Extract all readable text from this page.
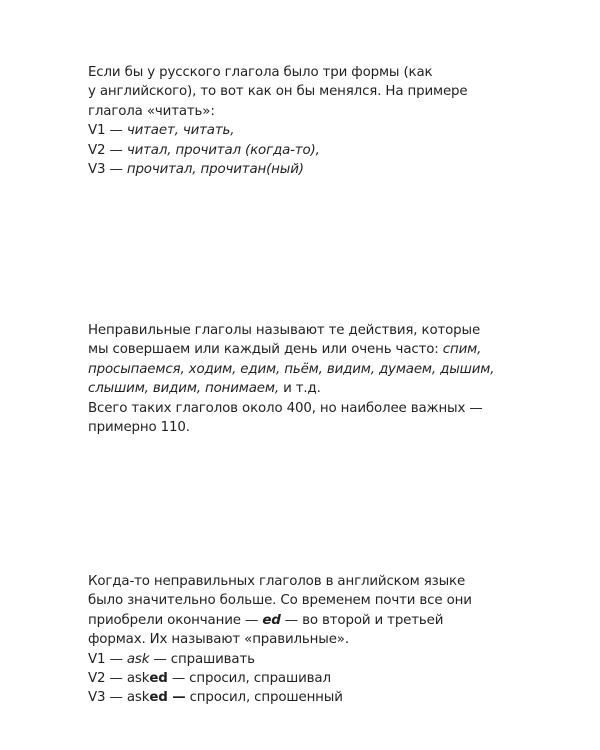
Если бы у русского глагола было три формы (как
у английского), то вот как он бы менялся. На примере
глагола «читать»:
V1 — читает, читать,
V2 — читал, прочитал (когда-то),
V3 — прочитал, прочитан(ный)
Неправильные глаголы называют те действия, которые
мы совершаем или каждый день или очень часто: спим,
просыпаемся, ходим, едим, пьём, видим, думаем, дышим,
слышим, видим, понимаем, и т.д.
Всего таких глаголов около 400, но наиболее важных —
примерно 110.
Когда-то неправильных глаголов в английском языке
было значительно больше. Со временем почти все они
приобрели окончание — ed — во второй и третьей
формах. Их называют «правильные».
V1 — ask — спрашивать
V2 — asked — спросил, спрашивал
V3 — asked — спросил, спрошенный
